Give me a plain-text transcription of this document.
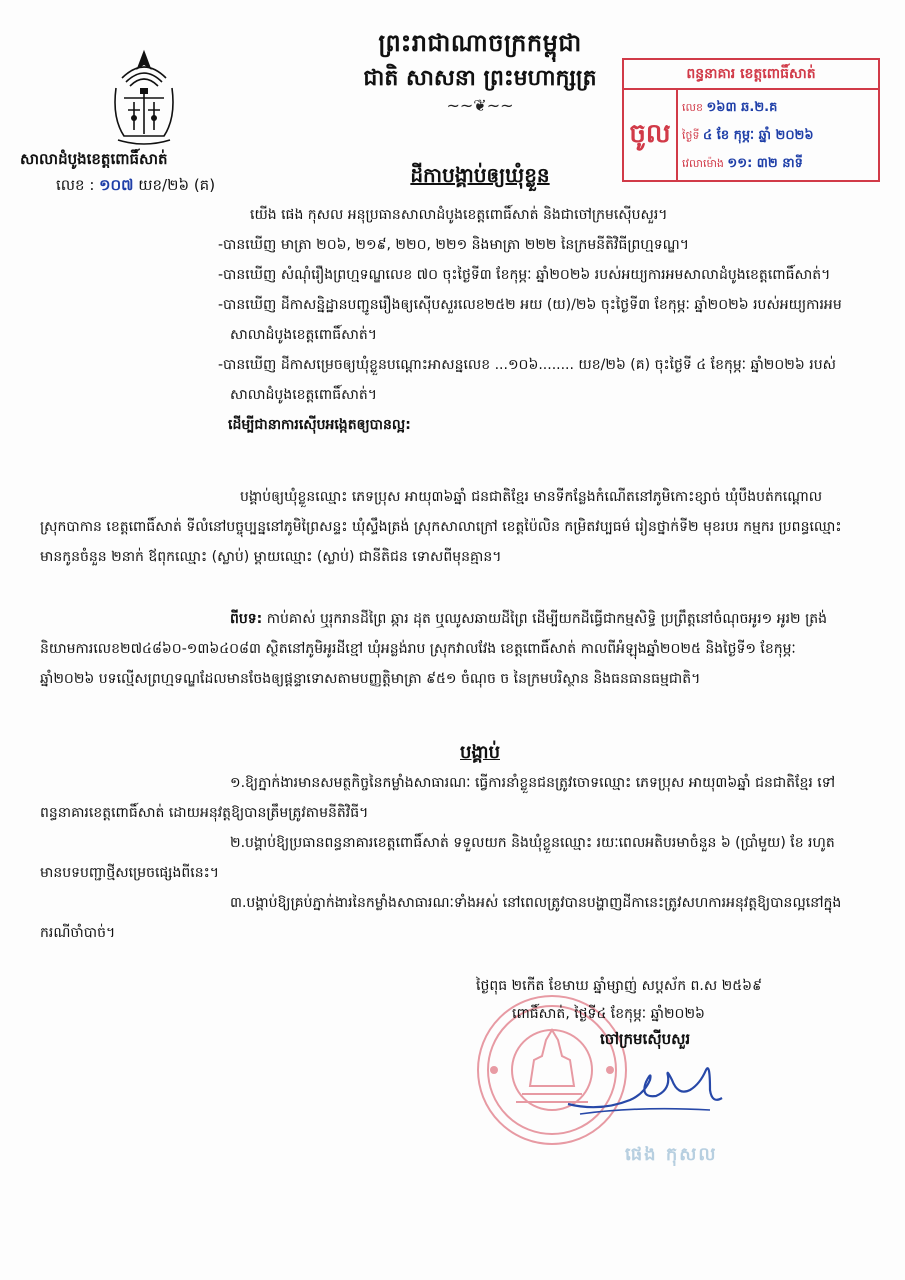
ព្រះរាជាណាចក្រកម្ពុជា
ជាតិ សាសនា ព្រះមហាក្សត្រ
~~❦~~
សាលាដំបូងខេត្តពោធិ៍សាត់
លេខ : ១០៧ យខ/២៦ (គ)
ពន្ធនាគារ ខេត្តពោធិ៍សាត់
ចូល
លេខ ១៦៣ ឆ.២.គ
ថ្ងៃទី ៤ ខែ កុម្ភៈ ឆ្នាំ ២០២៦
វេលាម៉ោង ១១: ៣២ នាទី
ដីកាបង្គាប់ឲ្យឃុំខ្លួន

យើង ផេង កុសល អនុប្រធានសាលាដំបូងខេត្តពោធិ៍សាត់ និងជាចៅក្រមស៊ើបសួរ។

-បានឃើញ មាត្រា ២០៦, ២១៩, ២២០, ២២១ និងមាត្រា ២២២ នៃក្រមនីតិវិធីព្រហ្មទណ្ឌ។

-បានឃើញ សំណុំរឿងព្រហ្មទណ្ឌលេខ ៧០ ចុះថ្ងៃទី៣ ខែកុម្ភៈ ឆ្នាំ២០២៦ របស់អយ្យការអមសាលាដំបូងខេត្តពោធិ៍សាត់។

-បានឃើញ ដីកាសន្និដ្ឋានបញ្ជូនរឿងឲ្យស៊ើបសួរលេខ២៥២ អយ (យ)/២៦ ចុះថ្ងៃទី៣ ខែកុម្ភៈ ឆ្នាំ២០២៦ របស់អយ្យការអមសាលាដំបូងខេត្តពោធិ៍សាត់។

-បានឃើញ ដីកាសម្រេចឲ្យឃុំខ្លួនបណ្ដោះអាសន្នលេខ ...១០៦........ យខ/២៦ (គ) ចុះថ្ងៃទី ៤ ខែកុម្ភៈ ឆ្នាំ២០២៦ របស់សាលាដំបូងខេត្តពោធិ៍សាត់។

ដើម្បីជានាការស៊ើបអង្កេតឲ្យបានល្អ:

បង្គាប់ឲ្យឃុំខ្លួនឈ្មោះ ភេទប្រុស អាយុ៣៦ឆ្នាំ ជនជាតិខ្មែរ មានទីកន្លែងកំណើតនៅភូមិកោះខ្សាច់ ឃុំបឹងបត់កណ្ដោល ស្រុកបាកាន ខេត្តពោធិ៍សាត់ ទីលំនៅបច្ចុប្បន្ននៅភូមិព្រៃសន្ទះ ឃុំស្ទឹងត្រង់ ស្រុកសាលាក្រៅ ខេត្តប៉ៃលិន កម្រិតវប្បធម៌ រៀនថ្នាក់ទី២ មុខរបរ កម្មករ ប្រពន្ធឈ្មោះ មានកូនចំនួន ២នាក់ ឪពុកឈ្មោះ (ស្លាប់) ម្ដាយឈ្មោះ (ស្លាប់) ជានីតិជន ទោសពីមុនគ្មាន។

ពីបទ: កាប់គាស់ ឬរុករានដីព្រៃ ឆ្ការ ដុត ឬឈូសឆាយដីព្រៃ ដើម្បីយកដីធ្វើជាកម្មសិទ្ធិ ប្រព្រឹត្តនៅចំណុចអូរ១ អូរ២ ត្រង់និយាមការលេខ២៧៤៨៦០-១៣៦៤០៨៣ ស្ថិតនៅភូមិអូរដីខ្មៅ ឃុំអន្លង់រាប ស្រុកវាលវែង ខេត្តពោធិ៍សាត់ កាលពីអំឡុងឆ្នាំ២០២៥ និងថ្ងៃទី១ ខែកុម្ភៈ ឆ្នាំ២០២៦ បទល្មើសព្រហ្មទណ្ឌដែលមានចែងឲ្យផ្ដន្ទាទោសតាមបញ្ញត្តិមាត្រា ៩៥១ ចំណុច ច នៃក្រមបរិស្ថាន និងធនធានធម្មជាតិ។

បង្គាប់

១.ឱ្យភ្នាក់ងារមានសមត្ថកិច្ចនៃកម្លាំងសាធារណៈ ធ្វើការនាំខ្លួនជនត្រូវចោទឈ្មោះ ភេទប្រុស អាយុ៣៦ឆ្នាំ ជនជាតិខ្មែរ ទៅពន្ធនាគារខេត្តពោធិ៍សាត់ ដោយអនុវត្តឱ្យបានត្រឹមត្រូវតាមនីតិវិធី។

២.បង្គាប់ឱ្យប្រធានពន្ធនាគារខេត្តពោធិ៍សាត់ ទទួលយក និងឃុំខ្លួនឈ្មោះ រយៈពេលអតិបរមាចំនួន ៦ (ប្រាំមួយ) ខែ រហូតមានបទបញ្ជាថ្មីសម្រេចផ្សេងពីនេះ។

៣.បង្គាប់ឱ្យគ្រប់ភ្នាក់ងារនៃកម្លាំងសាធារណៈទាំងអស់ នៅពេលត្រូវបានបង្ហាញដីកានេះត្រូវសហការអនុវត្តឱ្យបានល្អនៅក្នុងករណីចាំបាច់។

ថ្ងៃពុធ ២កើត ខែមាឃ ឆ្នាំម្សាញ់ សប្តស័ក ព.ស ២៥៦៩
ពោធិ៍សាត់, ថ្ងៃទី៤ ខែកុម្ភៈ ឆ្នាំ២០២៦
ចៅក្រមស៊ើបសួរ
ផេង កុសល
